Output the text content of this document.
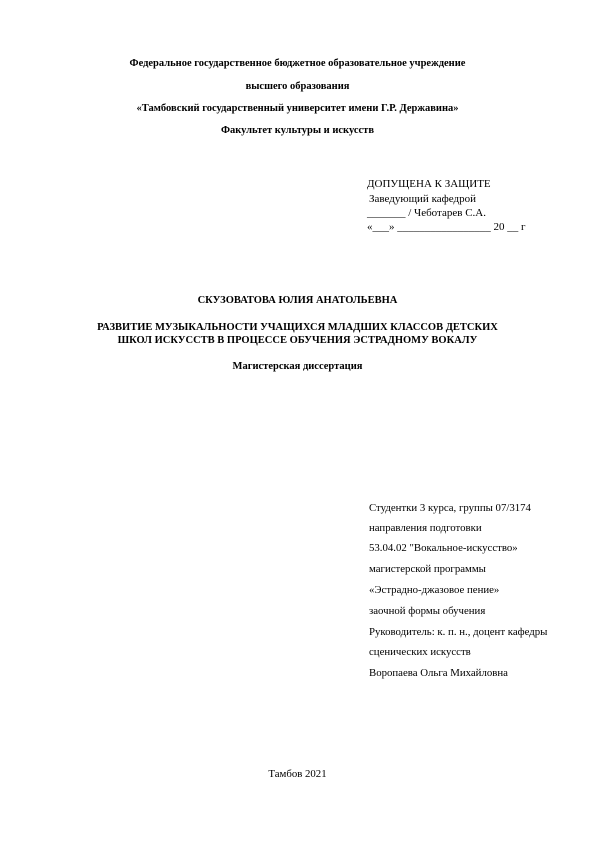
Федеральное государственное бюджетное образовательное учреждение
высшего образования
«Тамбовский государственный университет имени Г.Р. Державина»
Факультет культуры и искусств
ДОПУЩЕНА К ЗАЩИТЕ
Заведующий кафедрой
_______ / Чеботарев С.А.
«___» _________________ 20 __ г
СКУЗОВАТОВА ЮЛИЯ АНАТОЛЬЕВНА
РАЗВИТИЕ МУЗЫКАЛЬНОСТИ УЧАЩИХСЯ МЛАДШИХ КЛАССОВ ДЕТСКИХ
ШКОЛ ИСКУССТВ В ПРОЦЕССЕ ОБУЧЕНИЯ ЭСТРАДНОМУ ВОКАЛУ
Магистерская диссертация
Студентки 3 курса, группы 07/3174
направления подготовки
53.04.02 "Вокальное-искусство»
магистерской программы
«Эстрадно-джазовое пение»
заочной формы обучения
Руководитель: к. п. н., доцент кафедры
сценических искусств
Воропаева Ольга Михайловна
Тамбов 2021
